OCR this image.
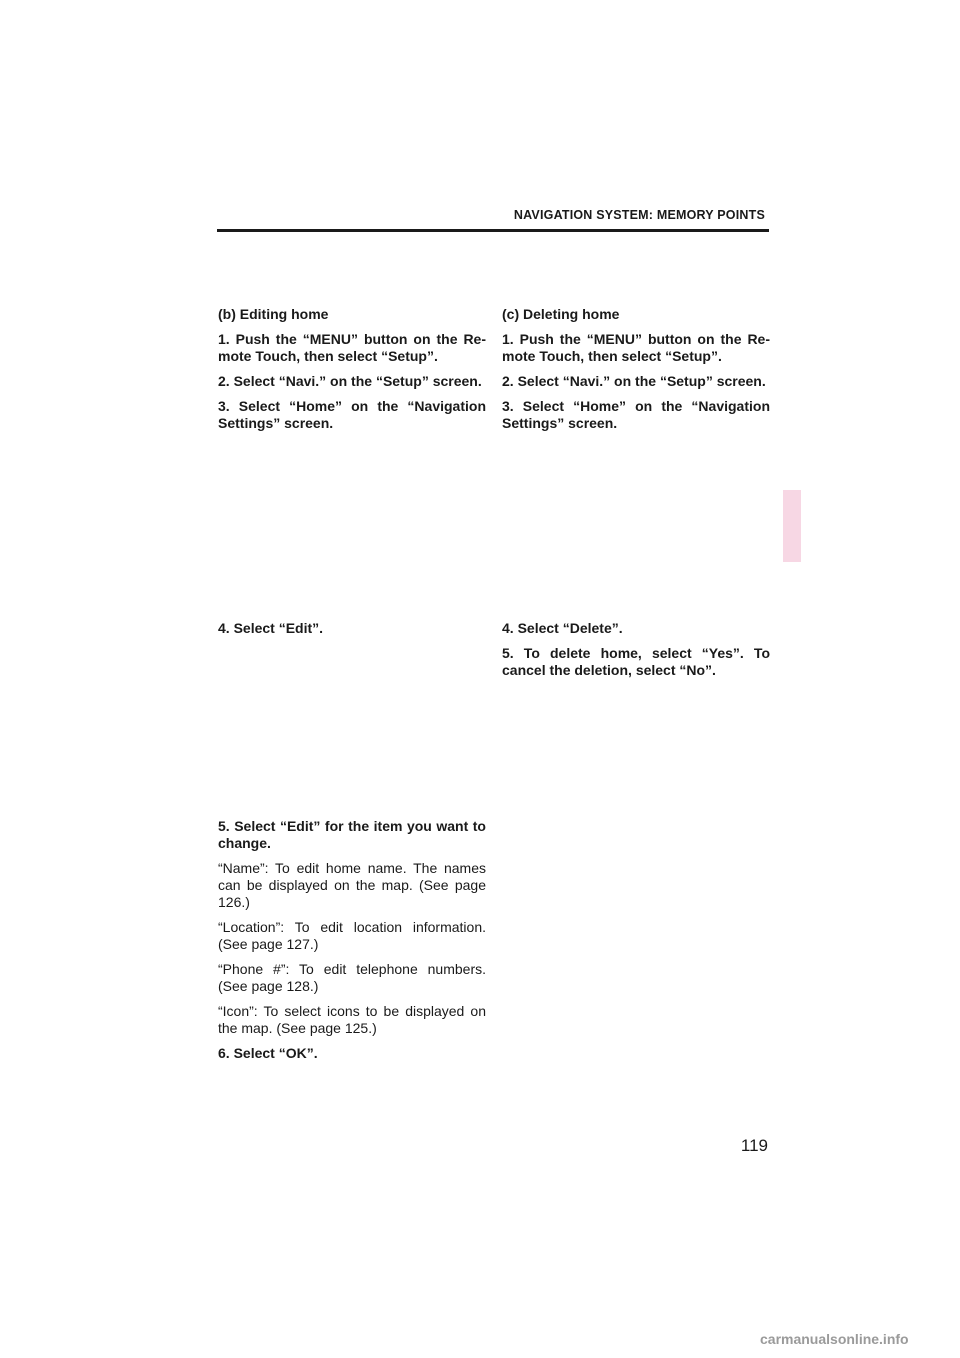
NAVIGATION SYSTEM: MEMORY POINTS

(b) Editing home

1. Push the “MENU” button on the Re- mote Touch, then select “Setup”.

2. Select “Navi.” on the “Setup” screen.

3. Select “Home” on the “Navigation Settings” screen.

4. Select “Edit”.

5. Select “Edit” for the item you want to change.

“Name”: To edit home name. The names can be displayed on the map. (See page 126.)

“Location”: To edit location information. (See page 127.)

“Phone #”: To edit telephone numbers. (See page 128.)

“Icon”: To select icons to be displayed on the map. (See page 125.)

6. Select “OK”.

(c) Deleting home

1. Push the “MENU” button on the Re- mote Touch, then select “Setup”.

2. Select “Navi.” on the “Setup” screen.

3. Select “Home” on the “Navigation Settings” screen.

4. Select “Delete”.

5. To delete home, select “Yes”. To cancel the deletion, select “No”.

119
carmanualsonline.info
